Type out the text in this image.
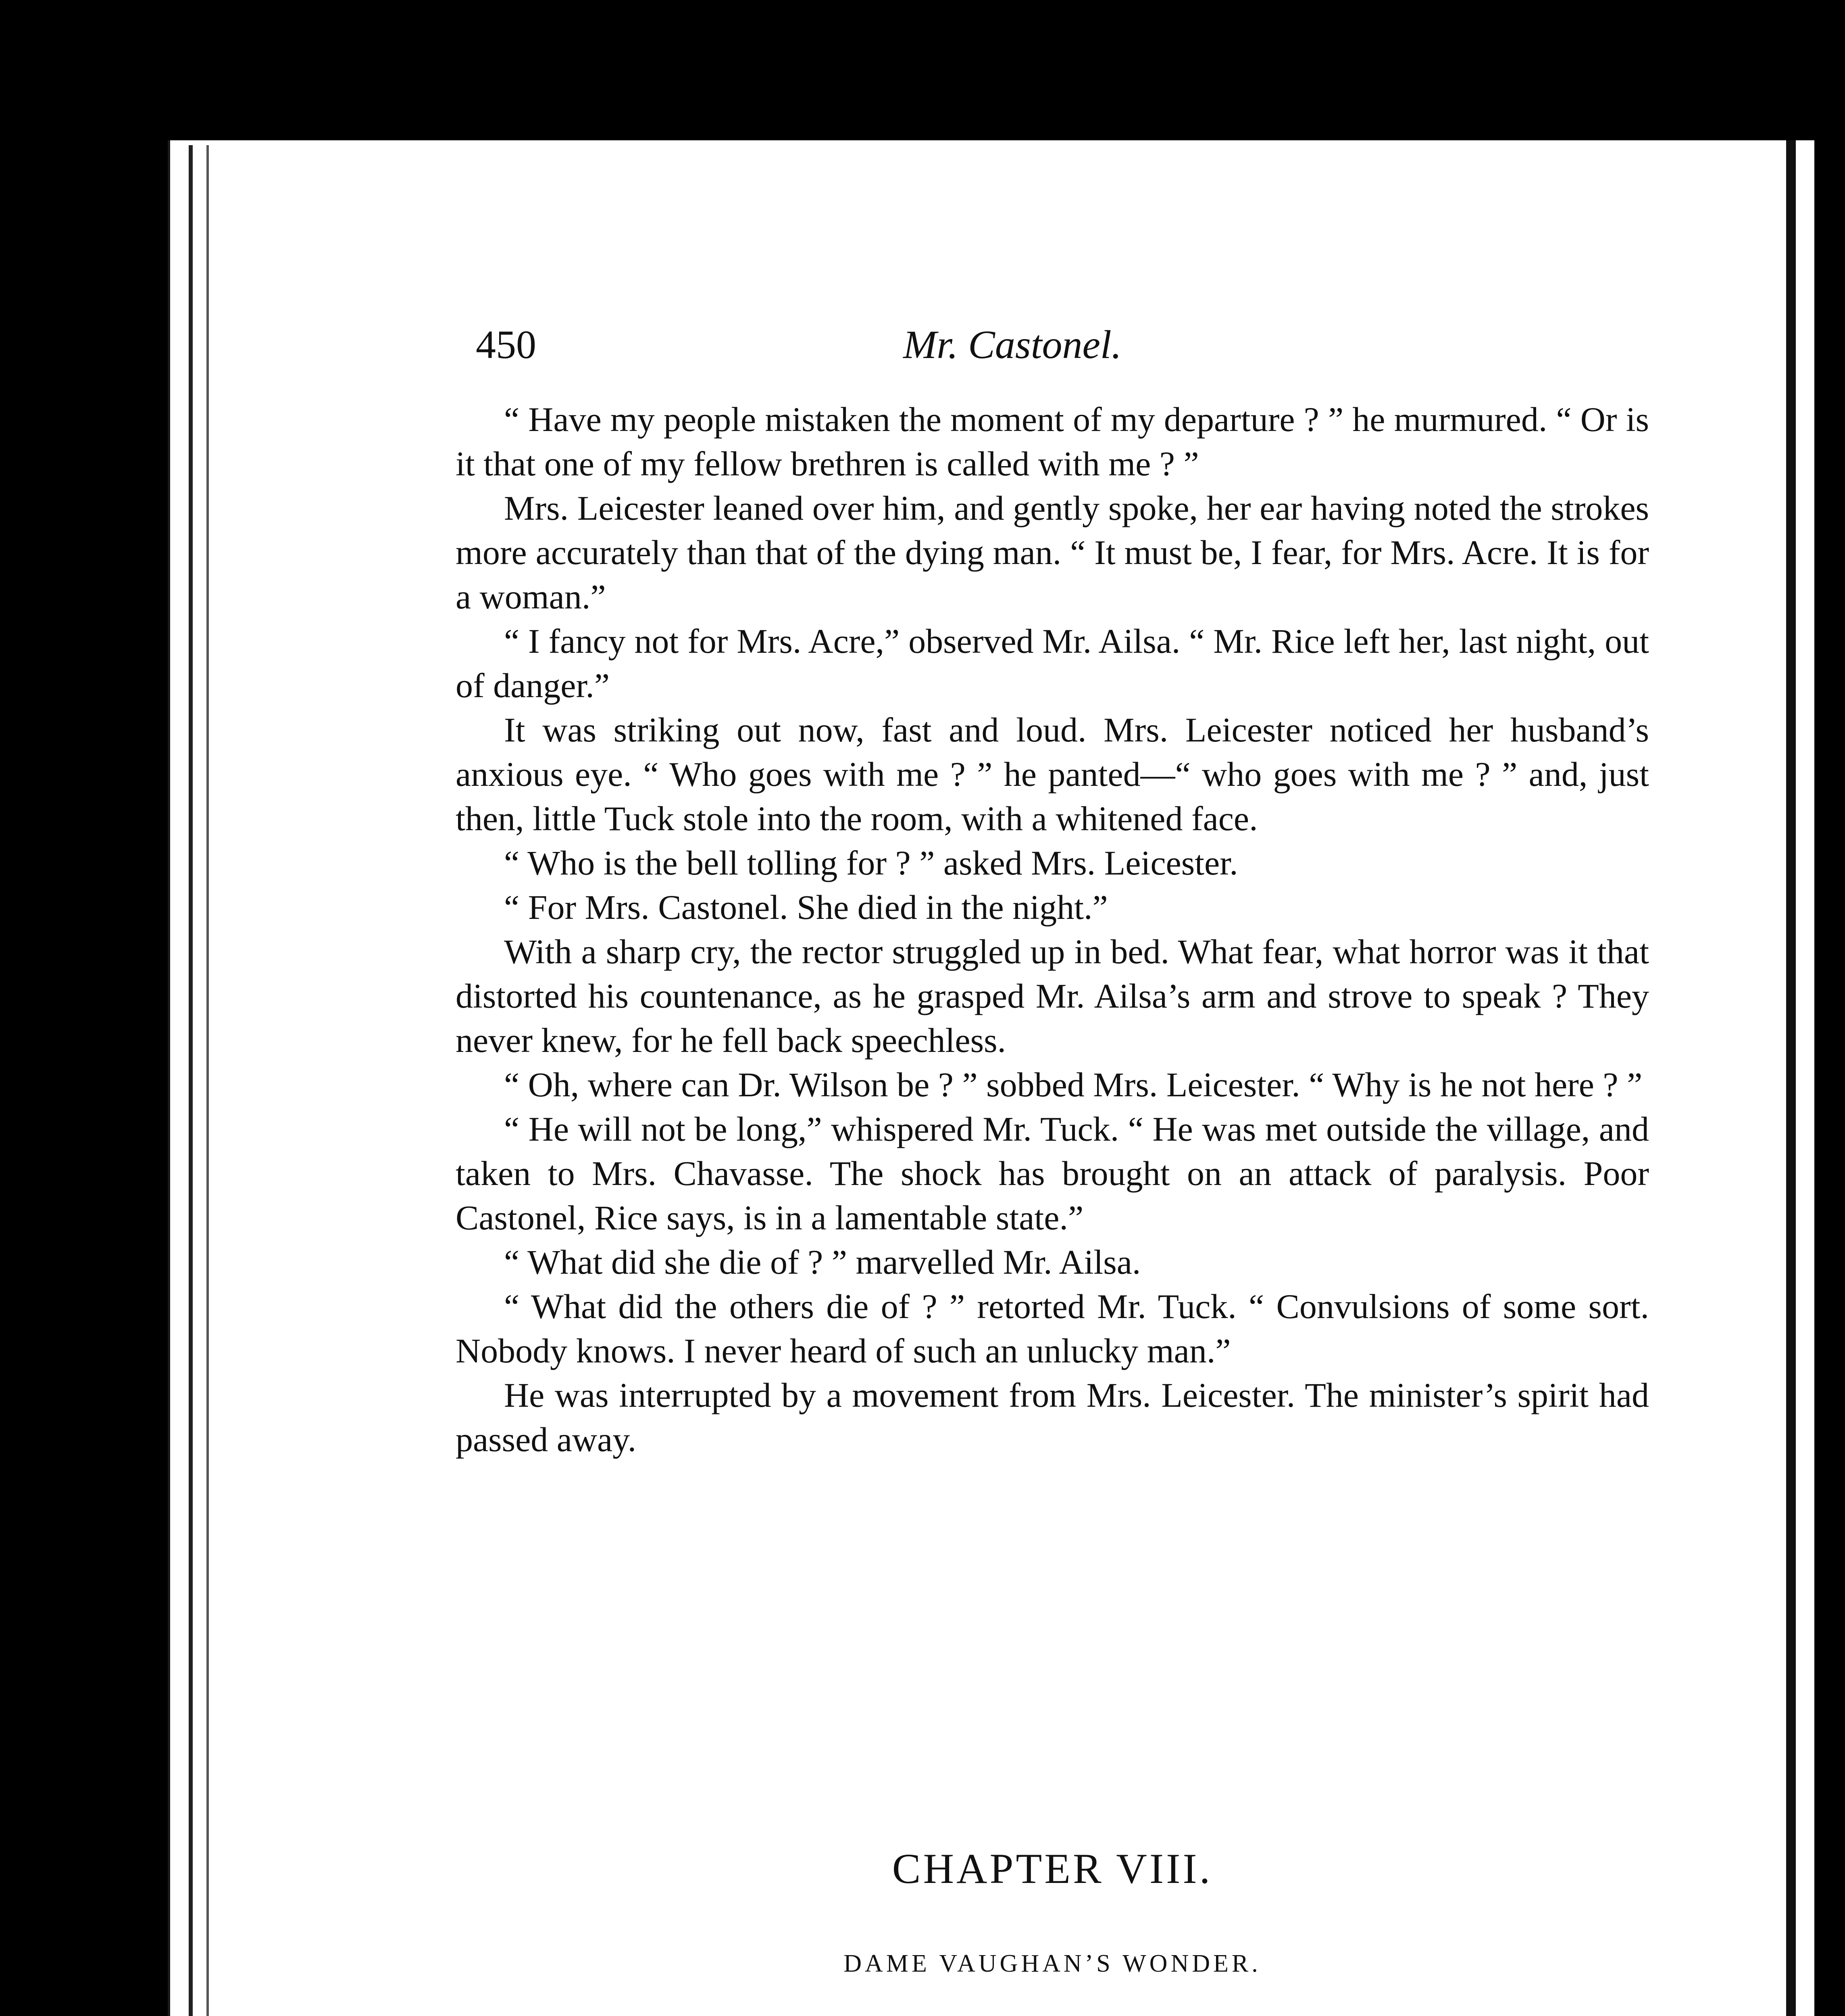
450	Mr. Castonel.

“ Have my people mistaken the moment of my departure ? ” he murmured. “ Or is it that one of my fellow brethren is called with me ? ”

Mrs. Leicester leaned over him, and gently spoke, her ear having noted the strokes more accurately than that of the dying man. “ It must be, I fear, for Mrs. Acre. It is for a woman.”

“ I fancy not for Mrs. Acre,” observed Mr. Ailsa. “ Mr. Rice left her, last night, out of danger.”

It was striking out now, fast and loud. Mrs. Leicester noticed her husband’s anxious eye. “ Who goes with me ? ” he panted—“ who goes with me ? ” and, just then, little Tuck stole into the room, with a whitened face.

“ Who is the bell tolling for ? ” asked Mrs. Leicester.

“ For Mrs. Castonel. She died in the night.”

With a sharp cry, the rector struggled up in bed. What fear, what horror was it that distorted his countenance, as he grasped Mr. Ailsa’s arm and strove to speak ? They never knew, for he fell back speechless.

“ Oh, where can Dr. Wilson be ? ” sobbed Mrs. Leicester. “ Why is he not here ? ”

“ He will not be long,” whispered Mr. Tuck. “ He was met outside the village, and taken to Mrs. Chavasse. The shock has brought on an attack of paralysis. Poor Castonel, Rice says, is in a lamentable state.”

“ What did she die of ? ” marvelled Mr. Ailsa.

“ What did the others die of ? ” retorted Mr. Tuck. “ Convulsions of some sort. Nobody knows. I never heard of such an unlucky man.”

He was interrupted by a movement from Mrs. Leicester. The minister’s spirit had passed away.

CHAPTER VIII.
DAME VAUGHAN’S WONDER.
